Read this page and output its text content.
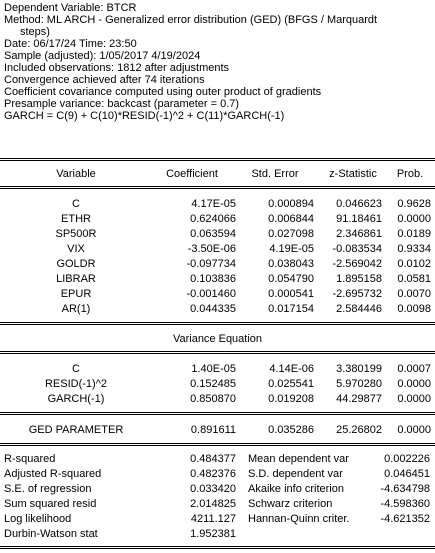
Dependent Variable: BTCR
Method: ML ARCH - Generalized error distribution (GED) (BFGS / Marquardt
steps)
Date: 06/17/24 Time: 23:50
Sample (adjusted): 1/05/2017 4/19/2024
Included observations: 1812 after adjustments
Convergence achieved after 74 iterations
Coefficient covariance computed using outer product of gradients
Presample variance: backcast (parameter = 0.7)
GARCH = C(9) + C(10)*RESID(-1)^2 + C(11)*GARCH(-1)
Variable	Coefficient	Std. Error	z-Statistic	Prob.
C	4.17E-05	0.000894	0.046623	0.9628
ETHR	0.624066	0.006844	91.18461	0.0000
SP500R	0.063594	0.027098	2.346861	0.0189
VIX	-3.50E-06	4.19E-05	-0.083534	0.9334
GOLDR	-0.097734	0.038043	-2.569042	0.0102
LIBRAR	0.103836	0.054790	1.895158	0.0581
EPUR	-0.001460	0.000541	-2.695732	0.0070
AR(1)	0.044335	0.017154	2.584446	0.0098
Variance Equation
C	1.40E-05	4.14E-06	3.380199	0.0007
RESID(-1)^2	0.152485	0.025541	5.970280	0.0000
GARCH(-1)	0.850870	0.019208	44.29877	0.0000
GED PARAMETER	0.891611	0.035286	25.26802	0.0000
R-squared	0.484377 Mean dependent var	0.002226
Adjusted R-squared	0.482376 S.D. dependent var	0.046451
S.E. of regression	0.033420 Akaike info criterion	-4.634798
Sum squared resid	2.014825 Schwarz criterion	-4.598360
Log likelihood	4211.127 Hannan-Quinn criter.	-4.621352
Durbin-Watson stat	1.952381
